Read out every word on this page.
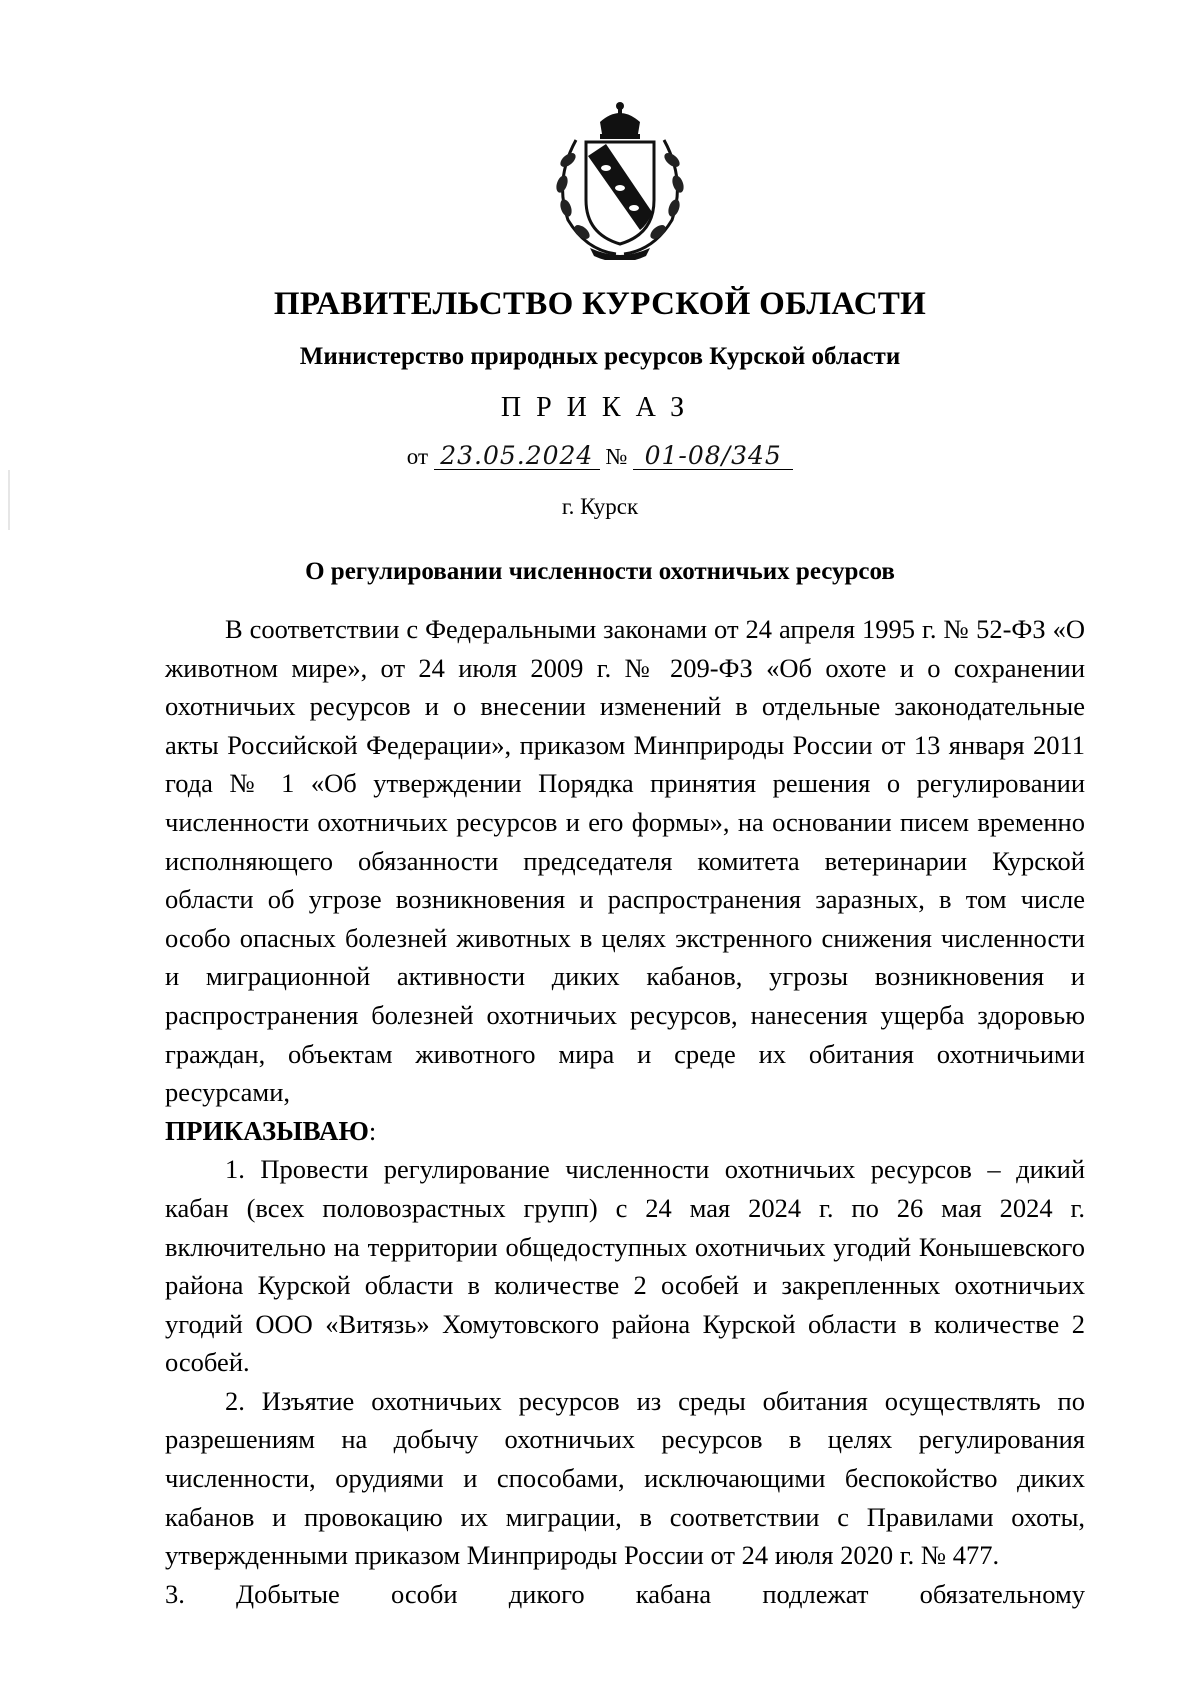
ПРАВИТЕЛЬСТВО КУРСКОЙ ОБЛАСТИ
Министерство природных ресурсов Курской области
ПРИКАЗ
от 23.05.2024 № 01-08/345
г. Курск
О регулировании численности охотничьих ресурсов

В соответствии с Федеральными законами от 24 апреля 1995 г. № 52-ФЗ «О животном мире», от 24 июля 2009 г. № 209-ФЗ «Об охоте и о сохранении охотничьих ресурсов и о внесении изменений в отдельные законодательные акты Российской Федерации», приказом Минприроды России от 13 января 2011 года № 1 «Об утверждении Порядка принятия решения о регулировании численности охотничьих ресурсов и его формы», на основании писем временно исполняющего обязанности председателя комитета ветеринарии Курской области об угрозе возникновения и распространения заразных, в том числе особо опасных болезней животных в целях экстренного снижения численности и миграционной активности диких кабанов, угрозы возникновения и распространения болезней охотничьих ресурсов, нанесения ущерба здоровью граждан, объектам животного мира и среде их обитания охотничьими ресурсами,
ПРИКАЗЫВАЮ:

1. Провести регулирование численности охотничьих ресурсов – дикий кабан (всех половозрастных групп) с 24 мая 2024 г. по 26 мая 2024 г. включительно на территории общедоступных охотничьих угодий Конышевского района Курской области в количестве 2 особей и закрепленных охотничьих угодий ООО «Витязь» Хомутовского района Курской области в количестве 2 особей.

2. Изъятие охотничьих ресурсов из среды обитания осуществлять по разрешениям на добычу охотничьих ресурсов в целях регулирования численности, орудиями и способами, исключающими беспокойство диких кабанов и провокацию их миграции, в соответствии с Правилами охоты, утвержденными приказом Минприроды России от 24 июля 2020 г. № 477.

3. Добытые особи дикого кабана подлежат обязательному
